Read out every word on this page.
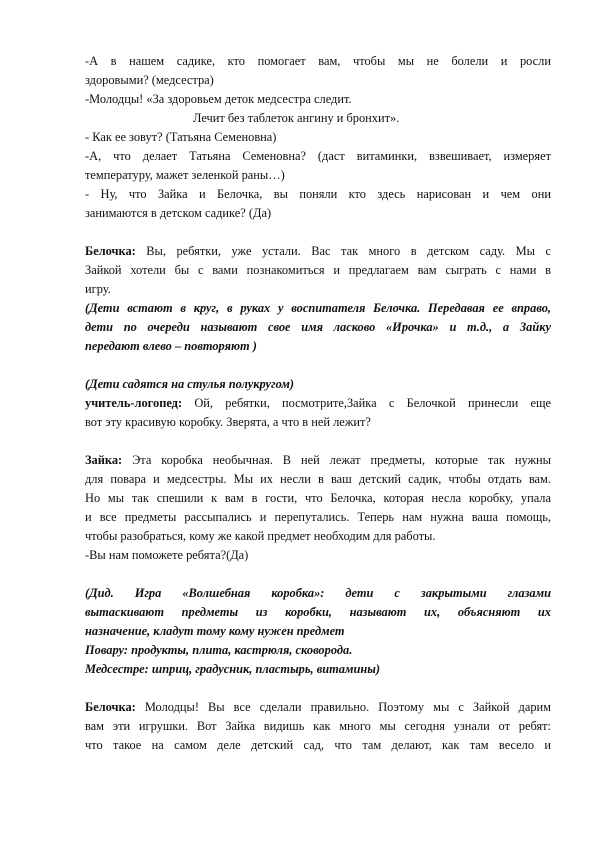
-А в нашем садике, кто помогает вам, чтобы мы не болели и росли

здоровыми? (медсестра)

-Молодцы! «За здоровьем деток медсестра следит.

Лечит без таблеток ангину и бронхит».

- Как ее зовут? (Татьяна Семеновна)

-А, что делает Татьяна Семеновна? (даст витаминки, взвешивает, измеряет

температуру, мажет зеленкой раны…)

- Ну, что Зайка и Белочка, вы поняли кто здесь нарисован и чем они

занимаются в детском садике? (Да)

Белочка: Вы, ребятки, уже устали. Вас так много в детском саду. Мы с

Зайкой хотели бы с вами познакомиться и предлагаем вам сыграть с нами в

игру.

(Дети встают в круг, в руках у воспитателя Белочка. Передавая ее вправо,

дети по очереди называют свое имя ласково «Ирочка» и т.д., а Зайку

передают влево – повторяют )

(Дети садятся на стулья полукругом)

учитель-логопед: Ой, ребятки, посмотрите,Зайка с Белочкой принесли еще

вот эту красивую коробку. Зверята, а что в ней лежит?

Зайка: Эта коробка необычная. В ней лежат предметы, которые так нужны

для повара и медсестры. Мы их несли в ваш детский садик, чтобы отдать вам.

Но мы так спешили к вам в гости, что Белочка, которая несла коробку, упала

и все предметы рассыпались и перепутались. Теперь нам нужна ваша помощь,

чтобы разобраться, кому же какой предмет необходим для работы.

-Вы нам поможете ребята?(Да)

(Дид. Игра «Волшебная коробка»: дети с закрытыми глазами

вытаскивают предметы из коробки, называют их, объясняют их

назначение, кладут тому кому нужен предмет

Повару: продукты, плита, кастрюля, сковорода.

Медсестре: шприц, градусник, пластырь, витамины)

Белочка: Молодцы! Вы все сделали правильно. Поэтому мы с Зайкой дарим

вам эти игрушки. Вот Зайка видишь как много мы сегодня узнали от ребят:

что такое на самом деле детский сад, что там делают, как там весело и
